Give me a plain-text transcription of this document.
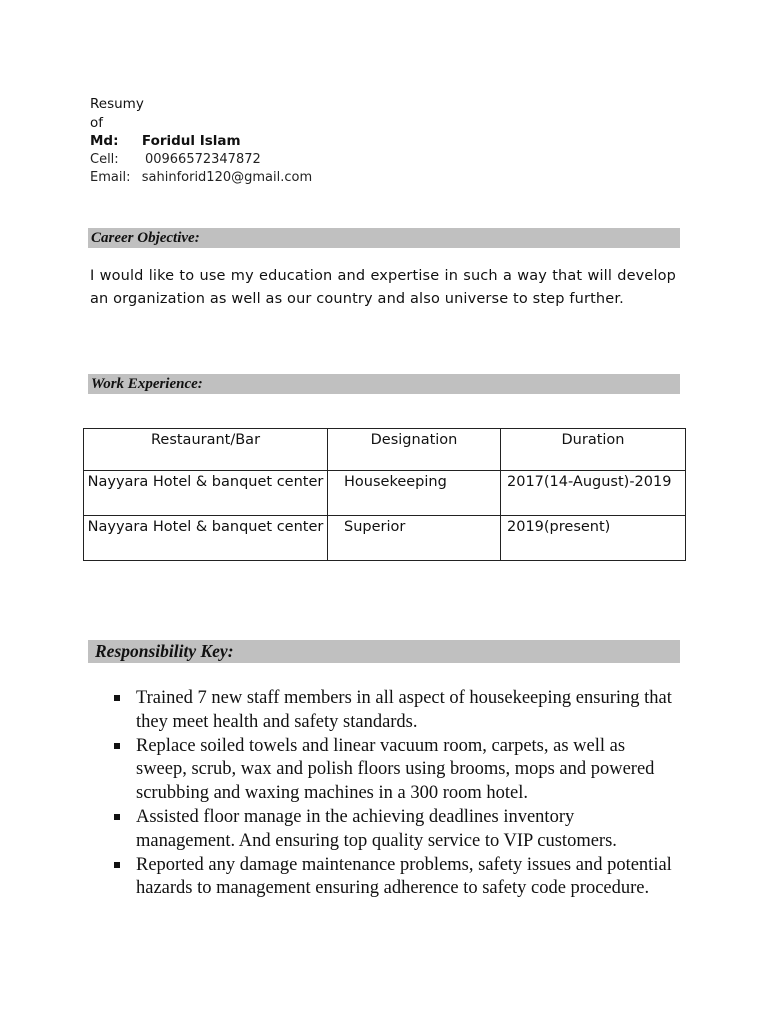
Resumy
of
Md: Foridul Islam
Cell: 00966572347872
Email: sahinforid120@gmail.com
Career Objective:
I would like to use my education and expertise in such a way that will develop an organization as well as our country and also universe to step further.
Work Experience:
Restaurant/Bar	Designation	Duration
Nayyara Hotel & banquet center	Housekeeping	2017(14-August)-2019
Nayyara Hotel & banquet center	Superior	2019(present)
Responsibility Key:
Trained 7 new staff members in all aspect of housekeeping ensuring that they meet health and safety standards.
Replace soiled towels and linear vacuum room, carpets, as well as sweep, scrub, wax and polish floors using brooms, mops and powered scrubbing and waxing machines in a 300 room hotel.
Assisted floor manage in the achieving deadlines inventory management. And ensuring top quality service to VIP customers.
Reported any damage maintenance problems, safety issues and potential hazards to management ensuring adherence to safety code procedure.
